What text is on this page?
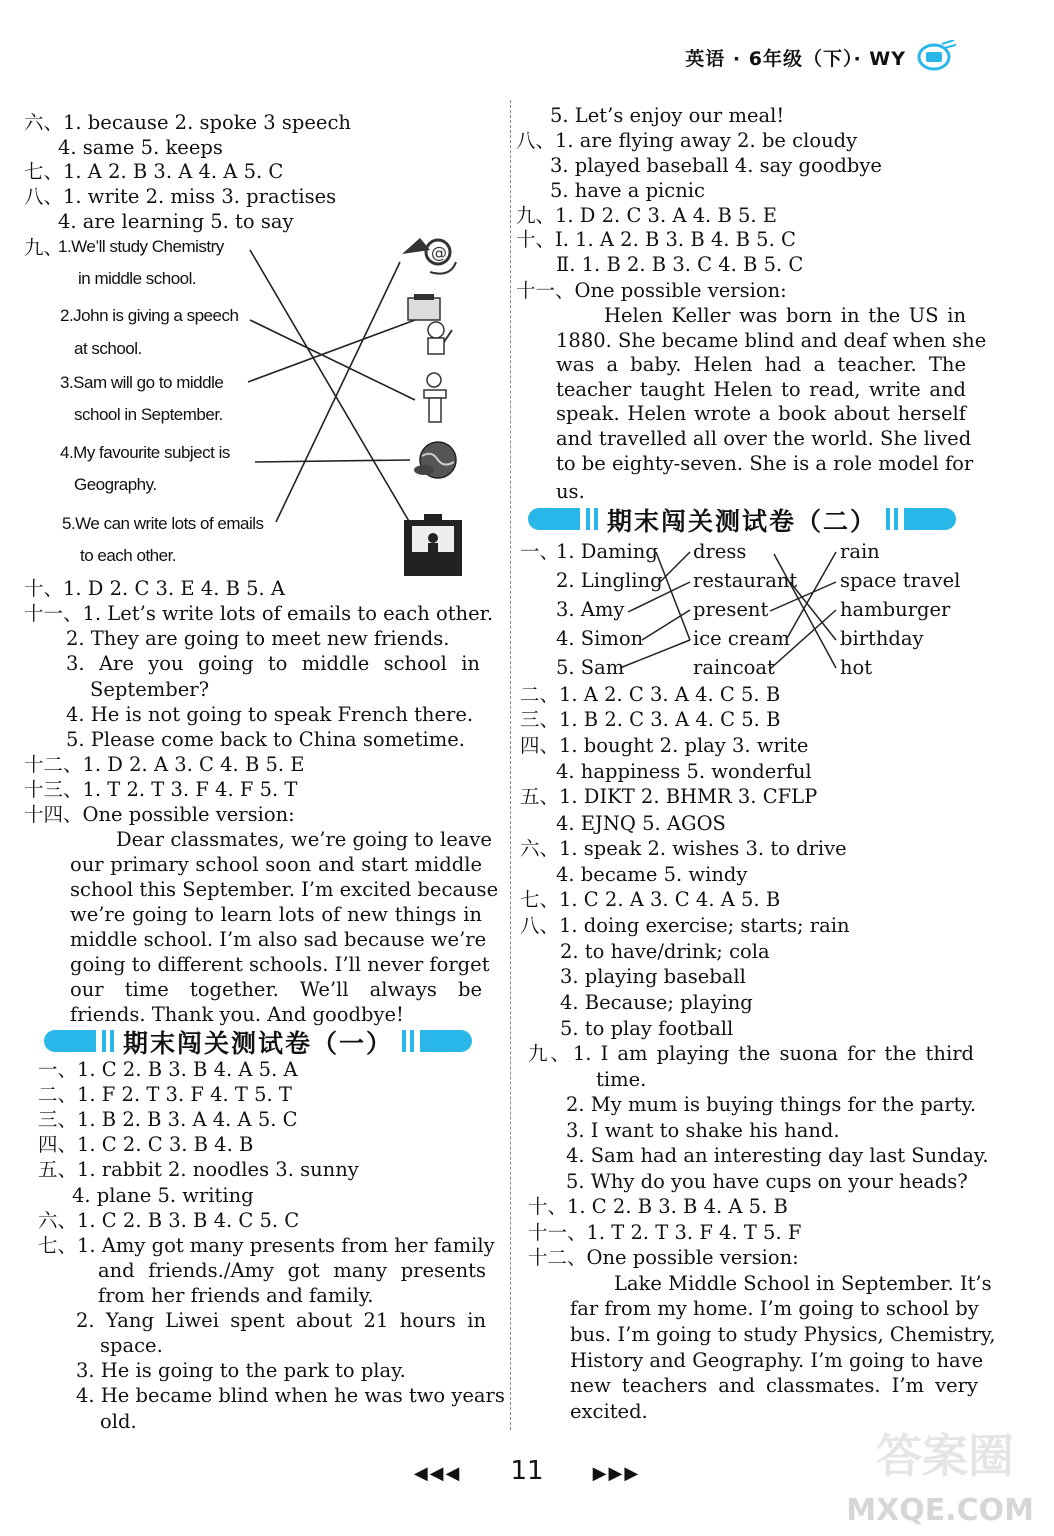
英语 · 6年级（下）· WY
六、1. because 2. spoke 3 speech
4. same 5. keeps
七、1. A 2. B 3. A 4. A 5. C
八、1. write 2. miss 3. practises
4. are learning 5. to say
九、
1.We’ll study Chemistry
in middle school.
2.John is giving a speech
at school.
3.Sam will go to middle
school in September.
4.My favourite subject is
Geography.
5.We can write lots of emails
to each other.
@
十、1. D 2. C 3. E 4. B 5. A
十一、1. Let’s write lots of emails to each other.
2. They are going to meet new friends.
3. Are you going to middle school in
September?
4. He is not going to speak French there.
5. Please come back to China sometime.
十二、1. D 2. A 3. C 4. B 5. E
十三、1. T 2. T 3. F 4. F 5. T
十四、One possible version:
Dear classmates, we’re going to leave
our primary school soon and start middle
school this September. I’m excited because
we’re going to learn lots of new things in
middle school. I’m also sad because we’re
going to different schools. I’ll never forget
our time together. We’ll always be
friends. Thank you. And goodbye!
期末闯关测试卷（一）
一、1. C 2. B 3. B 4. A 5. A
二、1. F 2. T 3. F 4. T 5. T
三、1. B 2. B 3. A 4. A 5. C
四、1. C 2. C 3. B 4. B
五、1. rabbit 2. noodles 3. sunny
4. plane 5. writing
六、1. C 2. B 3. B 4. C 5. C
七、1. Amy got many presents from her family
and friends./Amy got many presents
from her friends and family.
2. Yang Liwei spent about 21 hours in
space.
3. He is going to the park to play.
4. He became blind when he was two years
old.
5. Let’s enjoy our meal!
八、1. are flying away 2. be cloudy
3. played baseball 4. say goodbye
5. have a picnic
九、1. D 2. C 3. A 4. B 5. E
十、Ⅰ. 1. A 2. B 3. B 4. B 5. C
Ⅱ. 1. B 2. B 3. C 4. B 5. C
十一、One possible version:
Helen Keller was born in the US in
1880. She became blind and deaf when she
was a baby. Helen had a teacher. The
teacher taught Helen to read, write and
speak. Helen wrote a book about herself
and travelled all over the world. She lived
to be eighty-seven. She is a role model for
us.
期末闯关测试卷（二）
一、
1. Daming
2. Lingling
3. Amy
4. Simon
5. Sam
dress
restaurant
present
ice cream
raincoat
rain
space travel
hamburger
birthday
hot
二、1. A 2. C 3. A 4. C 5. B
三、1. B 2. C 3. A 4. C 5. B
四、1. bought 2. play 3. write
4. happiness 5. wonderful
五、1. DIKT 2. BHMR 3. CFLP
4. EJNQ 5. AGOS
六、1. speak 2. wishes 3. to drive
4. became 5. windy
七、1. C 2. A 3. C 4. A 5. B
八、1. doing exercise; starts; rain
2. to have/drink; cola
3. playing baseball
4. Because; playing
5. to play football
九、1. I am playing the suona for the third
time.
2. My mum is buying things for the party.
3. I want to shake his hand.
4. Sam had an interesting day last Sunday.
5. Why do you have cups on your heads?
十、1. C 2. B 3. B 4. A 5. B
十一、1. T 2. T 3. F 4. T 5. F
十二、One possible version:
Lake Middle School in September. It’s
far from my home. I’m going to school by
bus. I’m going to study Physics, Chemistry,
History and Geography. I’m going to have
new teachers and classmates. I’m very
excited.
◀◀◀ 11	▶▶▶	答案圈
MXQE.COM
